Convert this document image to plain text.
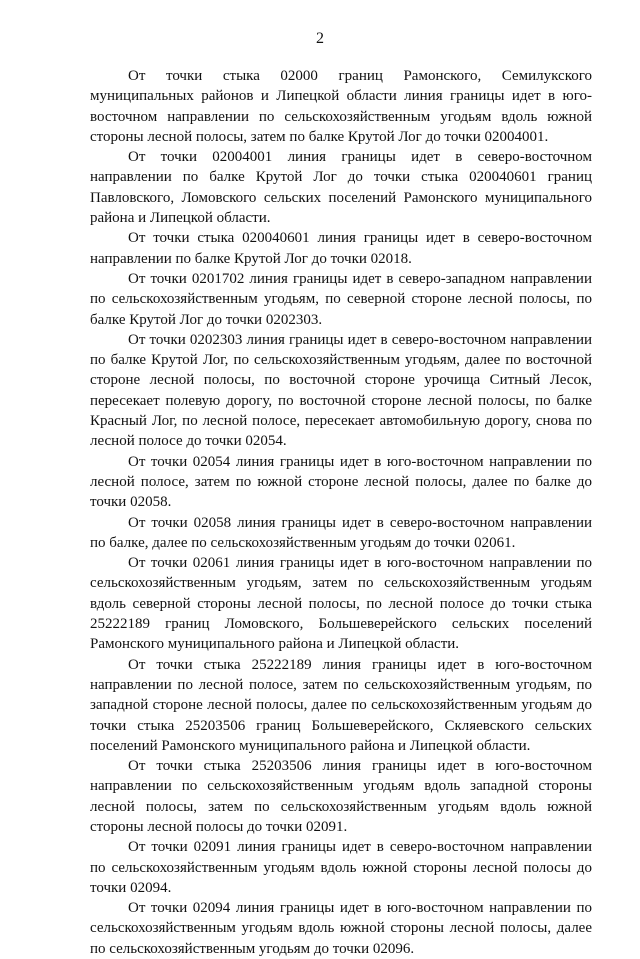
2

От точки стыка 02000 границ Рамонского, Семилукского муниципальных районов и Липецкой области линия границы идет в юго-восточном направлении по сельскохозяйственным угодьям вдоль южной стороны лесной полосы, затем по балке Крутой Лог до точки 02004001.

От точки 02004001 линия границы идет в северо-восточном направлении по балке Крутой Лог до точки стыка 020040601 границ Павловского, Ломовского сельских поселений Рамонского муниципального района и Липецкой области.

От точки стыка 020040601 линия границы идет в северо-восточном направлении по балке Крутой Лог до точки 02018.

От точки 0201702 линия границы идет в северо-западном направлении по сельскохозяйственным угодьям, по северной стороне лесной полосы, по балке Крутой Лог до точки 0202303.

От точки 0202303 линия границы идет в северо-восточном направлении по балке Крутой Лог, по сельскохозяйственным угодьям, далее по восточной стороне лесной полосы, по восточной стороне урочища Ситный Лесок, пересекает полевую дорогу, по восточной стороне лесной полосы, по балке Красный Лог, по лесной полосе, пересекает автомобильную дорогу, снова по лесной полосе до точки 02054.

От точки 02054 линия границы идет в юго-восточном направлении по лесной полосе, затем по южной стороне лесной полосы, далее по балке до точки 02058.

От точки 02058 линия границы идет в северо-восточном направлении по балке, далее по сельскохозяйственным угодьям до точки 02061.

От точки 02061 линия границы идет в юго-восточном направлении по сельскохозяйственным угодьям, затем по сельскохозяйственным угодьям вдоль северной стороны лесной полосы, по лесной полосе до точки стыка 25222189 границ Ломовского, Большеверейского сельских поселений Рамонского муниципального района и Липецкой области.

От точки стыка 25222189 линия границы идет в юго-восточном направлении по лесной полосе, затем по сельскохозяйственным угодьям, по западной стороне лесной полосы, далее по сельскохозяйственным угодьям до точки стыка 25203506 границ Большеверейского, Скляевского сельских поселений Рамонского муниципального района и Липецкой области.

От точки стыка 25203506 линия границы идет в юго-восточном направлении по сельскохозяйственным угодьям вдоль западной стороны лесной полосы, затем по сельскохозяйственным угодьям вдоль южной стороны лесной полосы до точки 02091.

От точки 02091 линия границы идет в северо-восточном направлении по сельскохозяйственным угодьям вдоль южной стороны лесной полосы до точки 02094.

От точки 02094 линия границы идет в юго-восточном направлении по сельскохозяйственным угодьям вдоль южной стороны лесной полосы, далее по сельскохозяйственным угодьям до точки 02096.
